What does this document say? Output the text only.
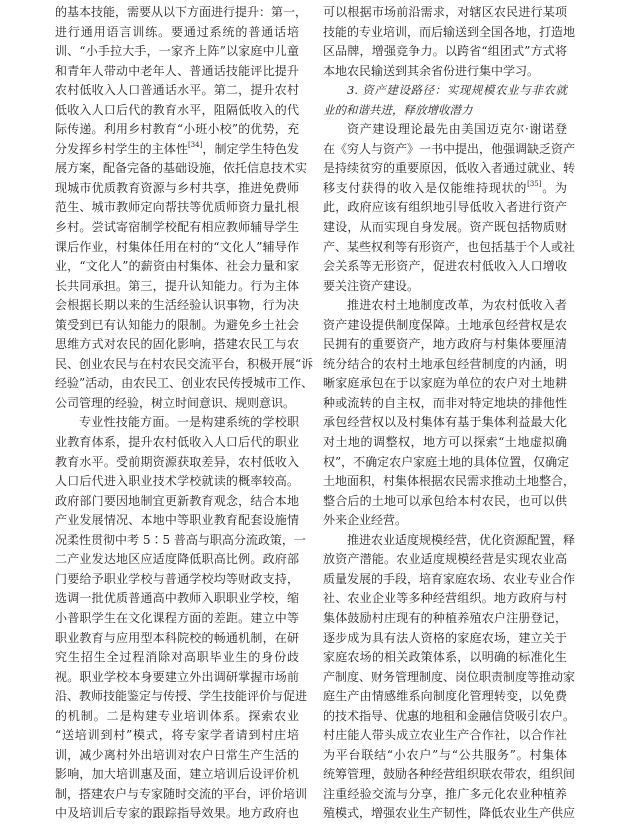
的基本技能，需要从以下方面进行提升：第一，
进行通用语言训练。要通过系统的普通话培
训、“小手拉大手，一家齐上阵”以家庭中儿童
和青年人带动中老年人、普通话技能评比提升
农村低收入人口普通话水平。第二，提升农村
低收入人口后代的教育水平，阻隔低收入的代
际传递。利用乡村教育“小班小校”的优势，充
分发挥乡村学生的主体性[34]，制定学生特色发
展方案，配备完备的基础设施，依托信息技术实
现城市优质教育资源与乡村共享，推进免费师
范生、城市教师定向帮扶等优质师资力量扎根
乡村。尝试寄宿制学校配有相应教师辅导学生
课后作业，村集体任用在村的“文化人”辅导作
业，“文化人”的薪资由村集体、社会力量和家
长共同承担。第三，提升认知能力。行为主体
会根据长期以来的生活经验认识事物，行为决
策受到已有认知能力的限制。为避免乡土社会
思维方式对农民的固化影响，搭建农民工与农
民、创业农民与在村农民交流平台，积极开展“诉
经验”活动，由农民工、创业农民传授城市工作、
公司管理的经验，树立时间意识、规则意识。
专业性技能方面。一是构建系统的学校职
业教育体系，提升农村低收入人口后代的职业
教育水平。受前期资源获取差异，农村低收入
人口后代进入职业技术学校就读的概率较高。
政府部门要因地制宜更新教育观念，结合本地
产业发展情况、本地中等职业教育配套设施情
况柔性贯彻中考 5∶5 普高与职高分流政策，一
二产业发达地区应适度降低职高比例。政府部
门要给予职业学校与普通学校均等财政支持，
选调一批优质普通高中教师入职职业学校，缩
小普职学生在文化课程方面的差距。建立中等
职业教育与应用型本科院校的畅通机制，在研
究生招生全过程消除对高职毕业生的身份歧
视。职业学校本身要建立外出调研掌握市场前
沿、教师技能鉴定与传授、学生技能评价与促进
的机制。二是构建专业培训体系。探索农业
“送培训到村”模式，将专家学者请到村庄培
训，减少离村外出培训对农户日常生产生活的
影响，加大培训惠及面，建立培训后设评价机
制，搭建农户与专家随时交流的平台，评价培训
中及培训后专家的跟踪指导效果。地方政府也
可以根据市场前沿需求，对辖区农民进行某项
技能的专业培训，而后输送到全国各地，打造地
区品牌，增强竞争力。以跨省“组团式”方式将
本地农民输送到其余省份进行集中学习。
3. 资产建设路径：实现规模农业与非农就
业的和谐共进，释放增收潜力
资产建设理论最先由美国迈克尔·谢诺登
在《穷人与资产》一书中提出，他强调缺乏资产
是持续贫穷的重要原因，低收入者通过就业、转
移支付获得的收入是仅能维持现状的[35]。为
此，政府应该有组织地引导低收入者进行资产
建设，从而实现自身发展。资产既包括物质财
产、某些权利等有形资产，也包括基于个人或社
会关系等无形资产，促进农村低收入人口增收
要关注资产建设。
推进农村土地制度改革，为农村低收入者
资产建设提供制度保障。土地承包经营权是农
民拥有的重要资产，地方政府与村集体要厘清
统分结合的农村土地承包经营制度的内涵，明
晰家庭承包在于以家庭为单位的农户对土地耕
种或流转的自主权，而非对特定地块的排他性
承包经营权以及村集体有基于集体利益最大化
对土地的调整权，地方可以探索“土地虚拟确
权”，不确定农户家庭土地的具体位置，仅确定
土地面积，村集体根据农民需求推动土地整合，
整合后的土地可以承包给本村农民，也可以供
外来企业经营。
推进农业适度规模经营，优化资源配置，释
放资产潜能。农业适度规模经营是实现农业高
质量发展的手段，培育家庭农场、农业专业合作
社、农业企业等多种经营组织。地方政府与村
集体鼓励村庄现有的种植养殖农户注册登记，
逐步成为具有法人资格的家庭农场，建立关于
家庭农场的相关政策体系，以明确的标准化生
产制度、财务管理制度、岗位职责制度等推动家
庭生产由情感维系向制度化管理转变，以免费
的技术指导、优惠的地租和金融信贷吸引农户。
村庄能人带头成立农业生产合作社，以合作社
为平台联结“小农户”与“公共服务”。村集体
统筹管理，鼓励各种经营组织联农带农，组织间
注重经验交流与分享，推广多元化农业种植养
殖模式，增强农业生产韧性，降低农业生产供应
